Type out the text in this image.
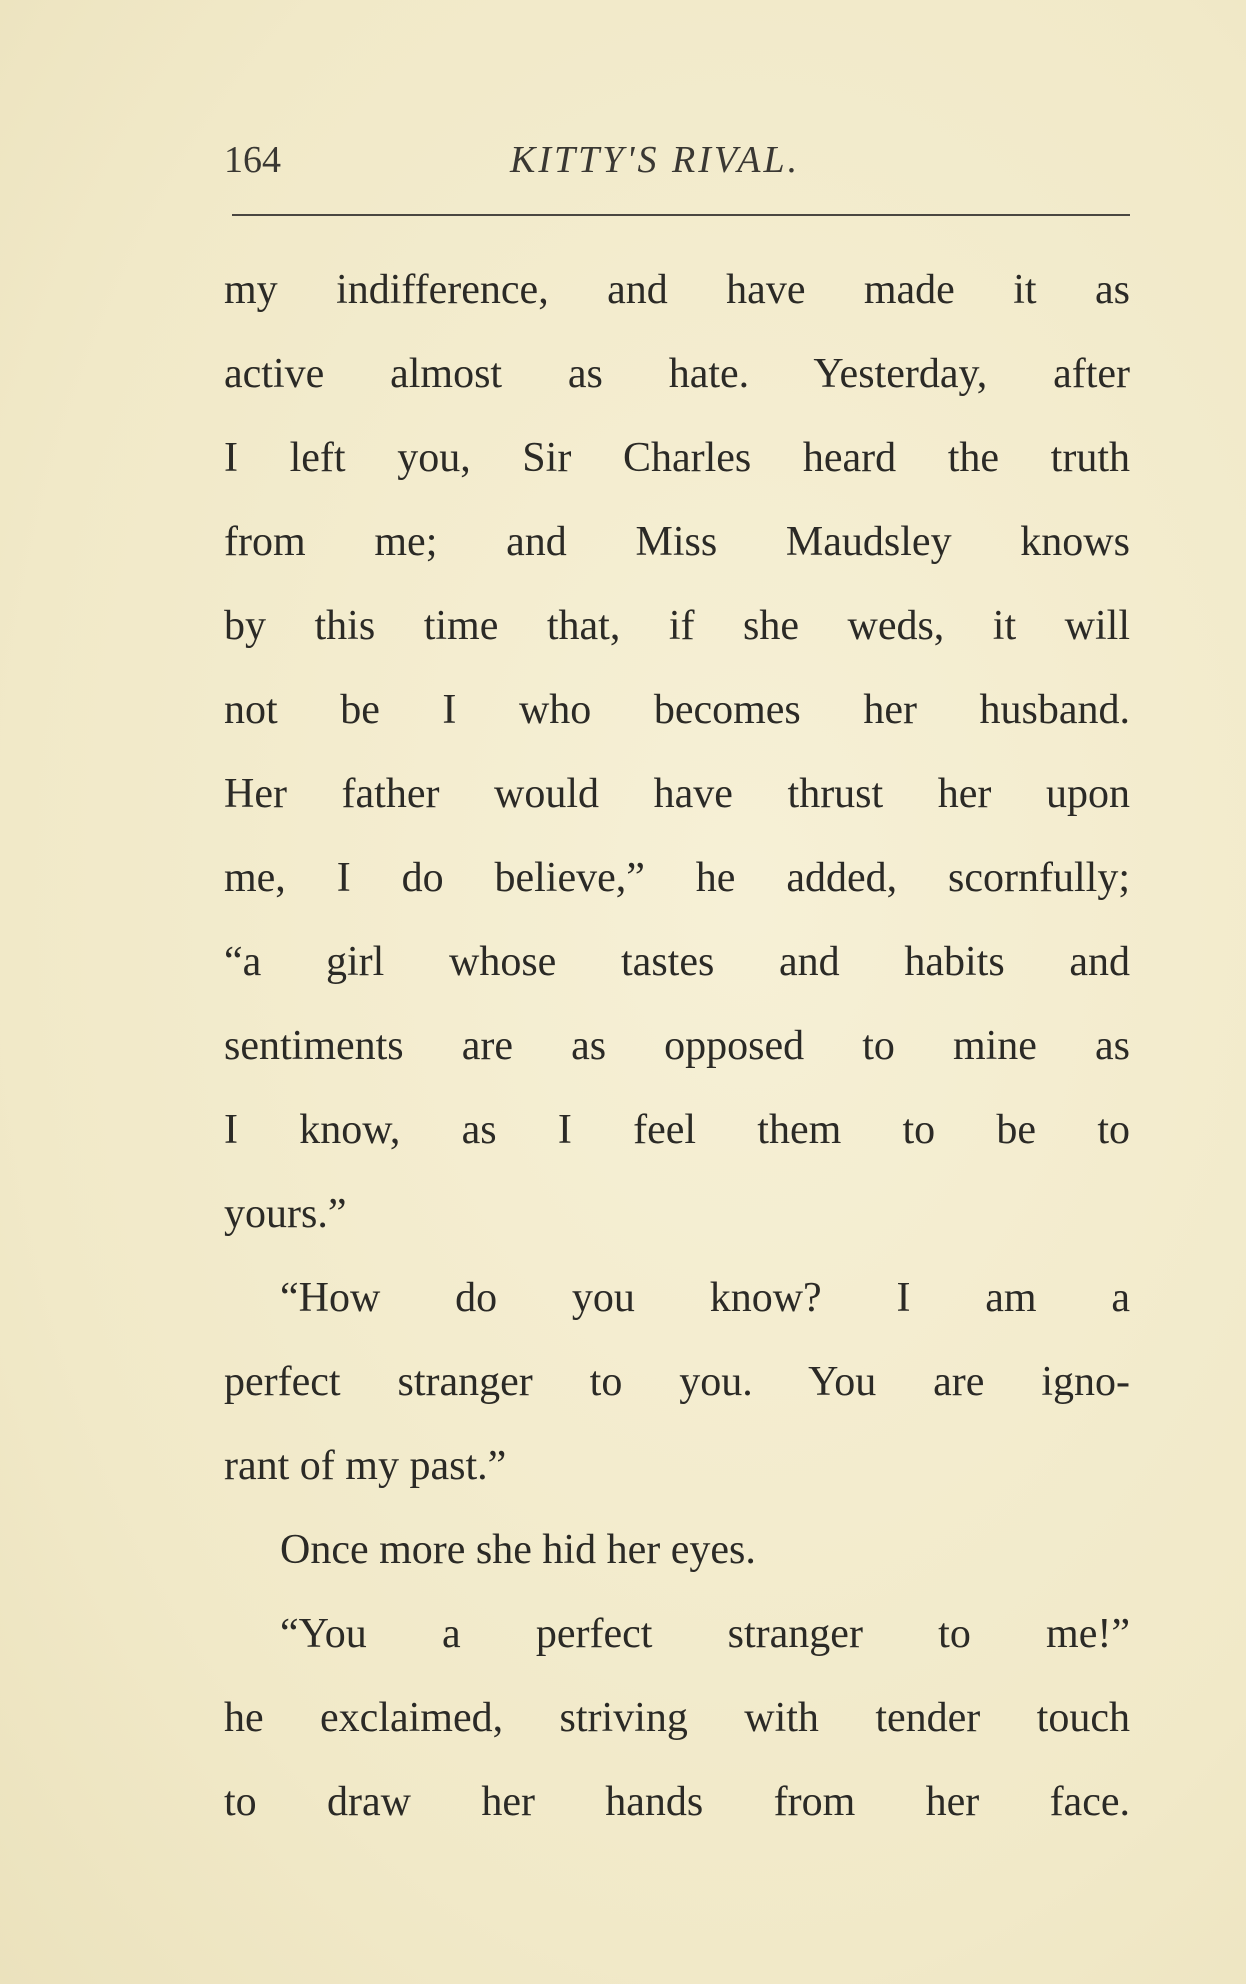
164	KITTY'S RIVAL.
my indifference, and have made it as
active almost as hate. Yesterday, after
I left you, Sir Charles heard the truth
from me; and Miss Maudsley knows
by this time that, if she weds, it will
not be I who becomes her husband.
Her father would have thrust her upon
me, I do believe,” he added, scornfully;
“a girl whose tastes and habits and
sentiments are as opposed to mine as
I know, as I feel them to be to
yours.”
“How do you know? I am a
perfect stranger to you. You are igno-
rant of my past.”
Once more she hid her eyes.
“You a perfect stranger to me!”
he exclaimed, striving with tender touch
to draw her hands from her face.
